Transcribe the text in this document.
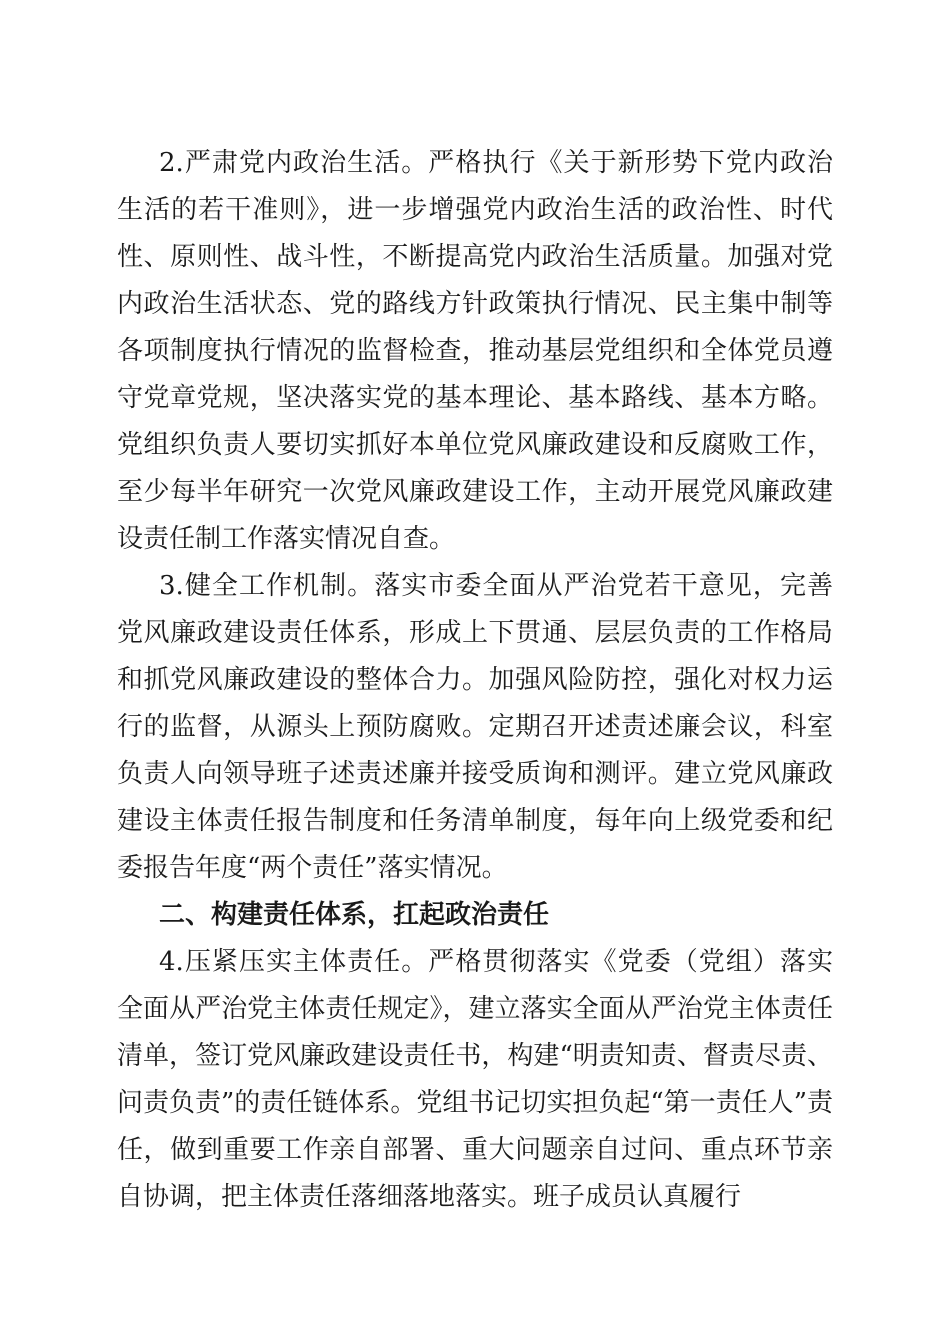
2.严肃党内政治生活。严格执行《关于新形势下党内政治生活的若干准则》，进一步增强党内政治生活的政治性、时代性、原则性、战斗性，不断提高党内政治生活质量。加强对党内政治生活状态、党的路线方针政策执行情况、民主集中制等各项制度执行情况的监督检查，推动基层党组织和全体党员遵守党章党规，坚决落实党的基本理论、基本路线、基本方略。党组织负责人要切实抓好本单位党风廉政建设和反腐败工作，至少每半年研究一次党风廉政建设工作，主动开展党风廉政建设责任制工作落实情况自查。

3.健全工作机制。落实市委全面从严治党若干意见，完善党风廉政建设责任体系，形成上下贯通、层层负责的工作格局和抓党风廉政建设的整体合力。加强风险防控，强化对权力运行的监督，从源头上预防腐败。定期召开述责述廉会议，科室负责人向领导班子述责述廉并接受质询和测评。建立党风廉政建设主体责任报告制度和任务清单制度，每年向上级党委和纪委报告年度“两个责任”落实情况。

二、构建责任体系，扛起政治责任

4.压紧压实主体责任。严格贯彻落实《党委（党组）落实全面从严治党主体责任规定》，建立落实全面从严治党主体责任清单，签订党风廉政建设责任书，构建“明责知责、督责尽责、问责负责”的责任链体系。党组书记切实担负起“第一责任人”责任，做到重要工作亲自部署、重大问题亲自过问、重点环节亲自协调，把主体责任落细落地落实。班子成员认真履行
